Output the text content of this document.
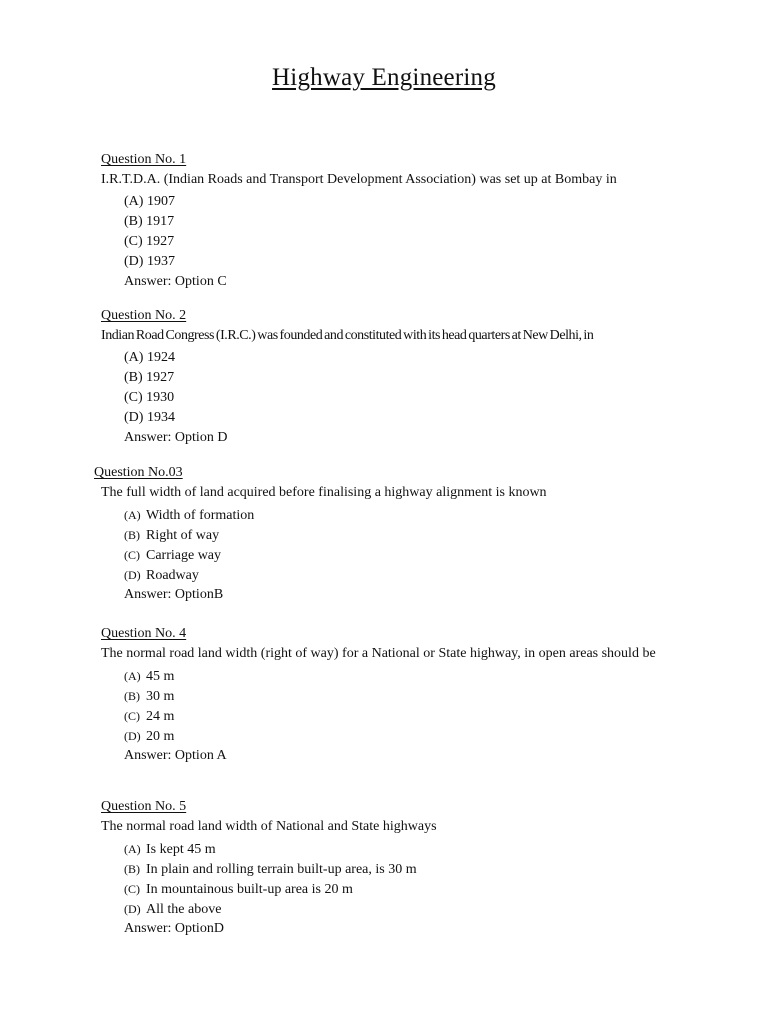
Highway Engineering
Question No. 1
I.R.T.D.A. (Indian Roads and Transport Development Association) was set up at Bombay in
(A) 1907
(B) 1917
(C) 1927
(D) 1937
Answer: Option C
Question No. 2
Indian Road Congress (I.R.C.) was founded and constituted with its head quarters at New Delhi, in
(A) 1924
(B) 1927
(C) 1930
(D) 1934
Answer: Option D
Question No.03
The full width of land acquired before finalising a highway alignment is known
(A) Width of formation
(B) Right of way
(C) Carriage way
(D) Roadway
Answer: OptionB
Question No. 4
The normal road land width (right of way) for a National or State highway, in open areas should be
(A) 45 m
(B) 30 m
(C) 24 m
(D) 20 m
Answer: Option A
Question No. 5
The normal road land width of National and State highways
(A) Is kept 45 m
(B) In plain and rolling terrain built-up area, is 30 m
(C) In mountainous built-up area is 20 m
(D) All the above
Answer: OptionD
